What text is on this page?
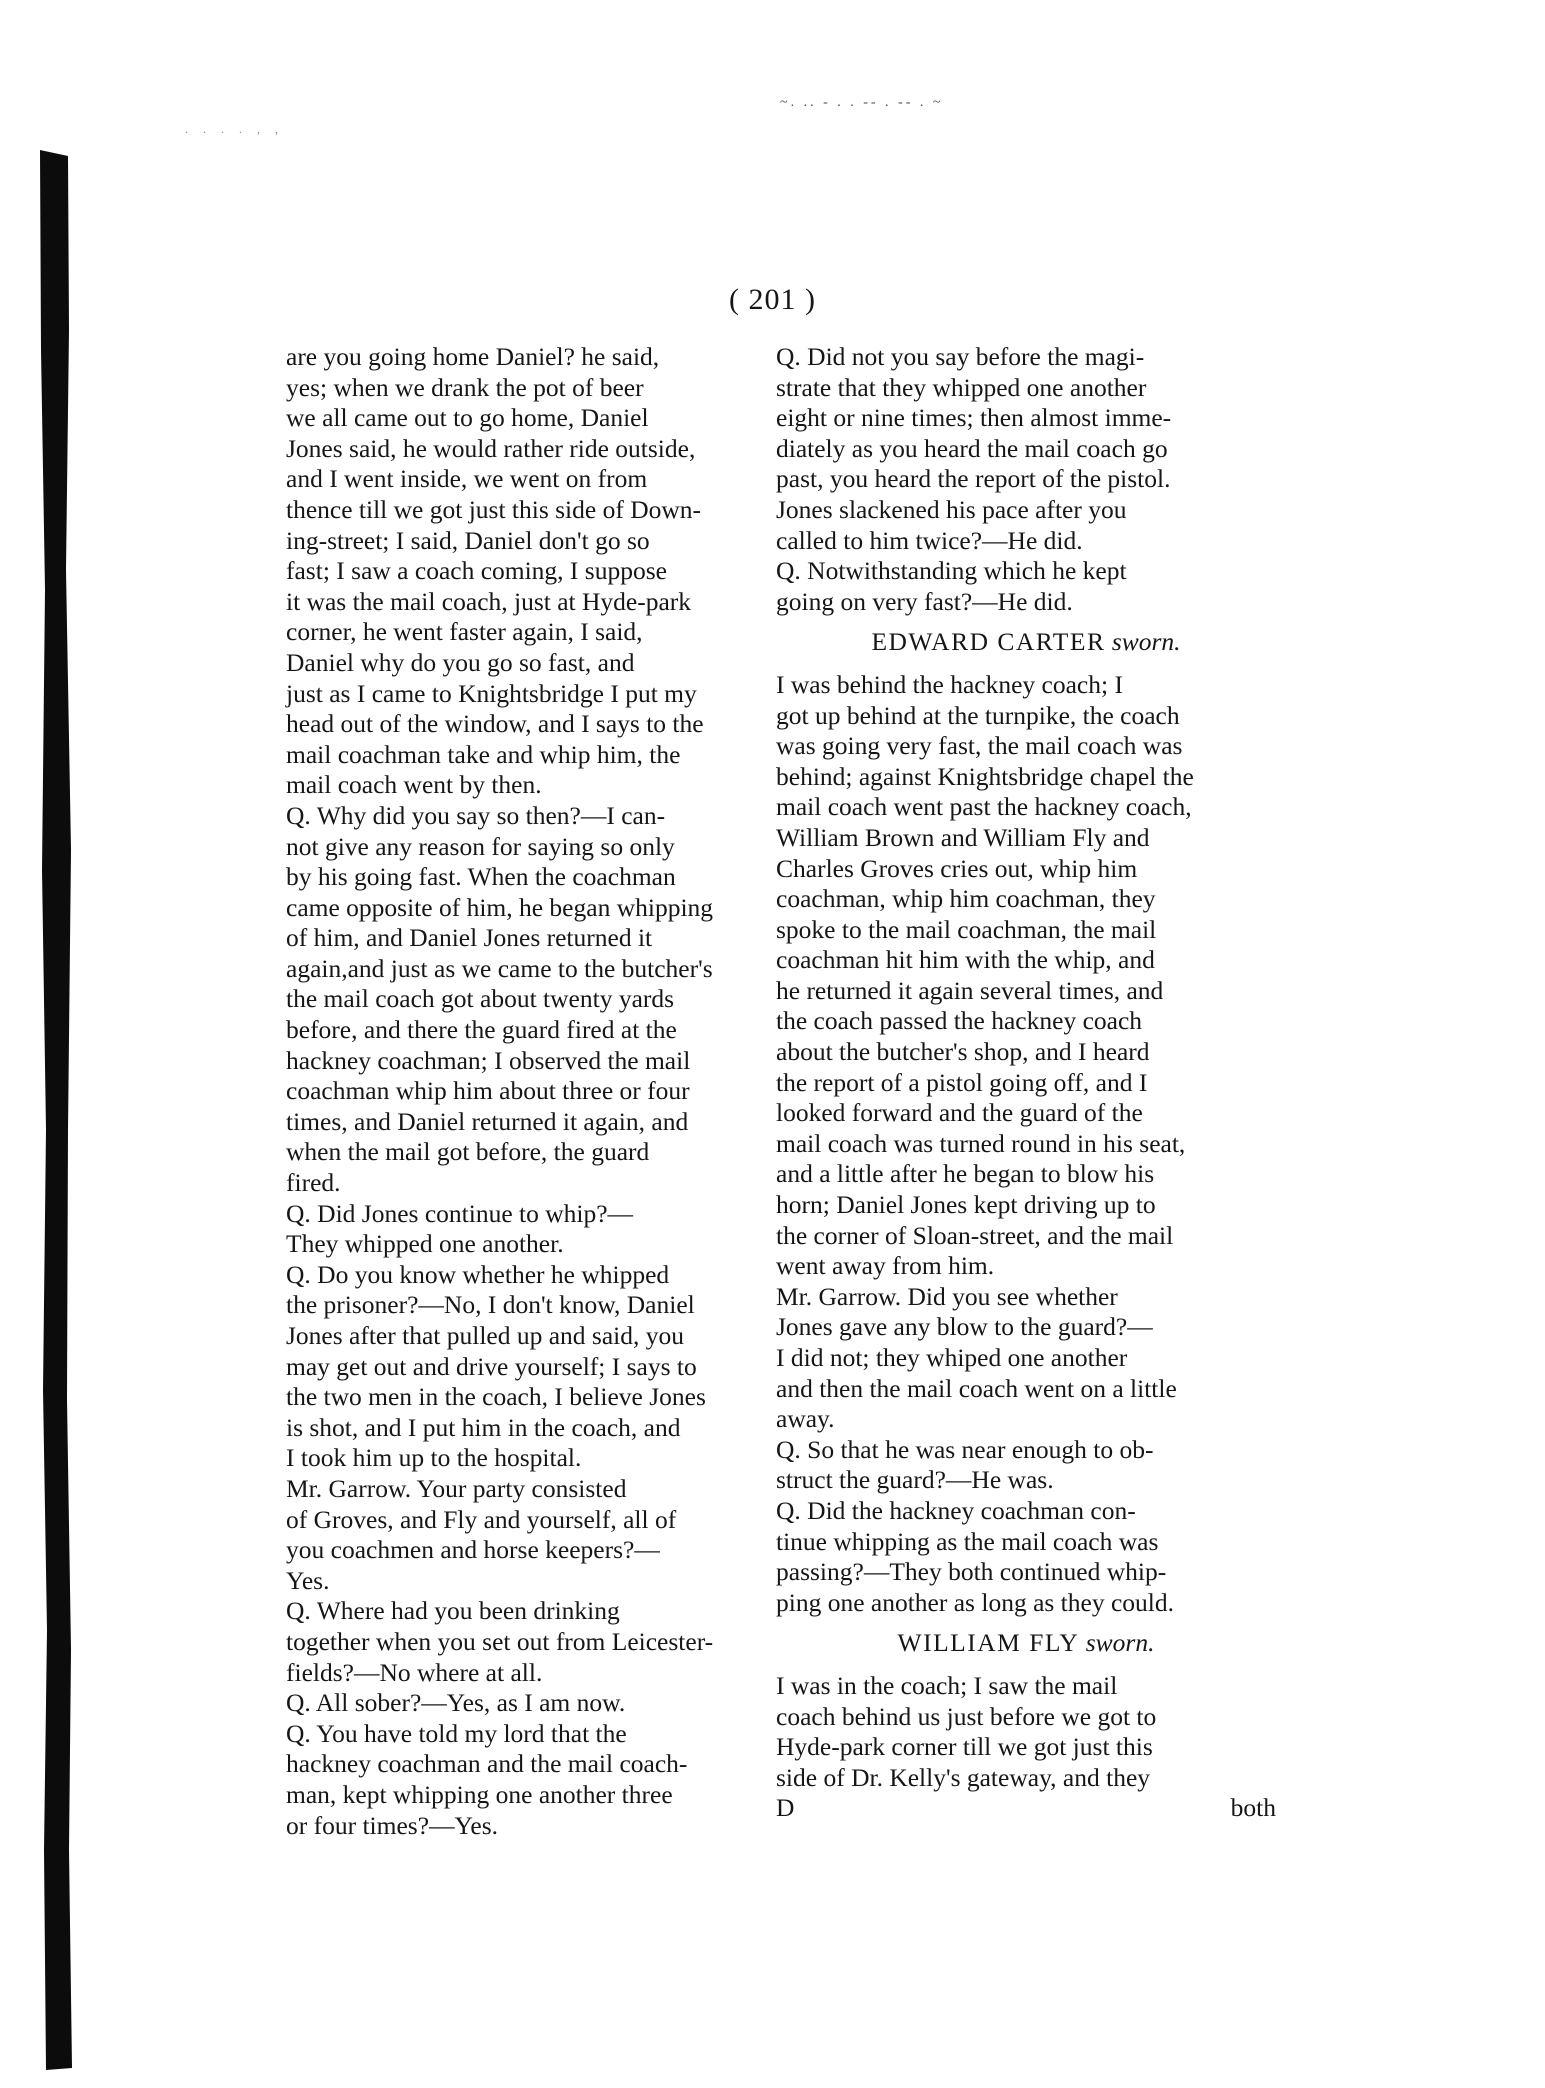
~. .. - . . -- . -- . ~
. . . . , ,
( 201 )
are you going home Daniel? he said,
yes; when we drank the pot of beer
we all came out to go home, Daniel
Jones said, he would rather ride outside,
and I went inside, we went on from
thence till we got just this side of Down-
ing-street; I said, Daniel don't go so
fast; I saw a coach coming, I suppose
it was the mail coach, just at Hyde-park
corner, he went faster again, I said,
Daniel why do you go so fast, and
just as I came to Knightsbridge I put my
head out of the window, and I says to the
mail coachman take and whip him, the
mail coach went by then.
Q. Why did you say so then?—I can-
not give any reason for saying so only
by his going fast. When the coachman
came opposite of him, he began whipping
of him, and Daniel Jones returned it
again,and just as we came to the butcher's
the mail coach got about twenty yards
before, and there the guard fired at the
hackney coachman; I observed the mail
coachman whip him about three or four
times, and Daniel returned it again, and
when the mail got before, the guard
fired.
Q. Did Jones continue to whip?—
They whipped one another.
Q. Do you know whether he whipped
the prisoner?—No, I don't know, Daniel
Jones after that pulled up and said, you
may get out and drive yourself; I says to
the two men in the coach, I believe Jones
is shot, and I put him in the coach, and
I took him up to the hospital.
Mr. Garrow. Your party consisted
of Groves, and Fly and yourself, all of
you coachmen and horse keepers?—
Yes.
Q. Where had you been drinking
together when you set out from Leicester-
fields?—No where at all.
Q. All sober?—Yes, as I am now.
Q. You have told my lord that the
hackney coachman and the mail coach-
man, kept whipping one another three
or four times?—Yes.
Q. Did not you say before the magi-
strate that they whipped one another
eight or nine times; then almost imme-
diately as you heard the mail coach go
past, you heard the report of the pistol.
Jones slackened his pace after you
called to him twice?—He did.
Q. Notwithstanding which he kept
going on very fast?—He did.
EDWARD CARTER sworn.
I was behind the hackney coach; I
got up behind at the turnpike, the coach
was going very fast, the mail coach was
behind; against Knightsbridge chapel the
mail coach went past the hackney coach,
William Brown and William Fly and
Charles Groves cries out, whip him
coachman, whip him coachman, they
spoke to the mail coachman, the mail
coachman hit him with the whip, and
he returned it again several times, and
the coach passed the hackney coach
about the butcher's shop, and I heard
the report of a pistol going off, and I
looked forward and the guard of the
mail coach was turned round in his seat,
and a little after he began to blow his
horn; Daniel Jones kept driving up to
the corner of Sloan-street, and the mail
went away from him.
Mr. Garrow. Did you see whether
Jones gave any blow to the guard?—
I did not; they whiped one another
and then the mail coach went on a little
away.
Q. So that he was near enough to ob-
struct the guard?—He was.
Q. Did the hackney coachman con-
tinue whipping as the mail coach was
passing?—They both continued whip-
ping one another as long as they could.
WILLIAM FLY sworn.
I was in the coach; I saw the mail
coach behind us just before we got to
Hyde-park corner till we got just this
side of Dr. Kelly's gateway, and they
D	both
